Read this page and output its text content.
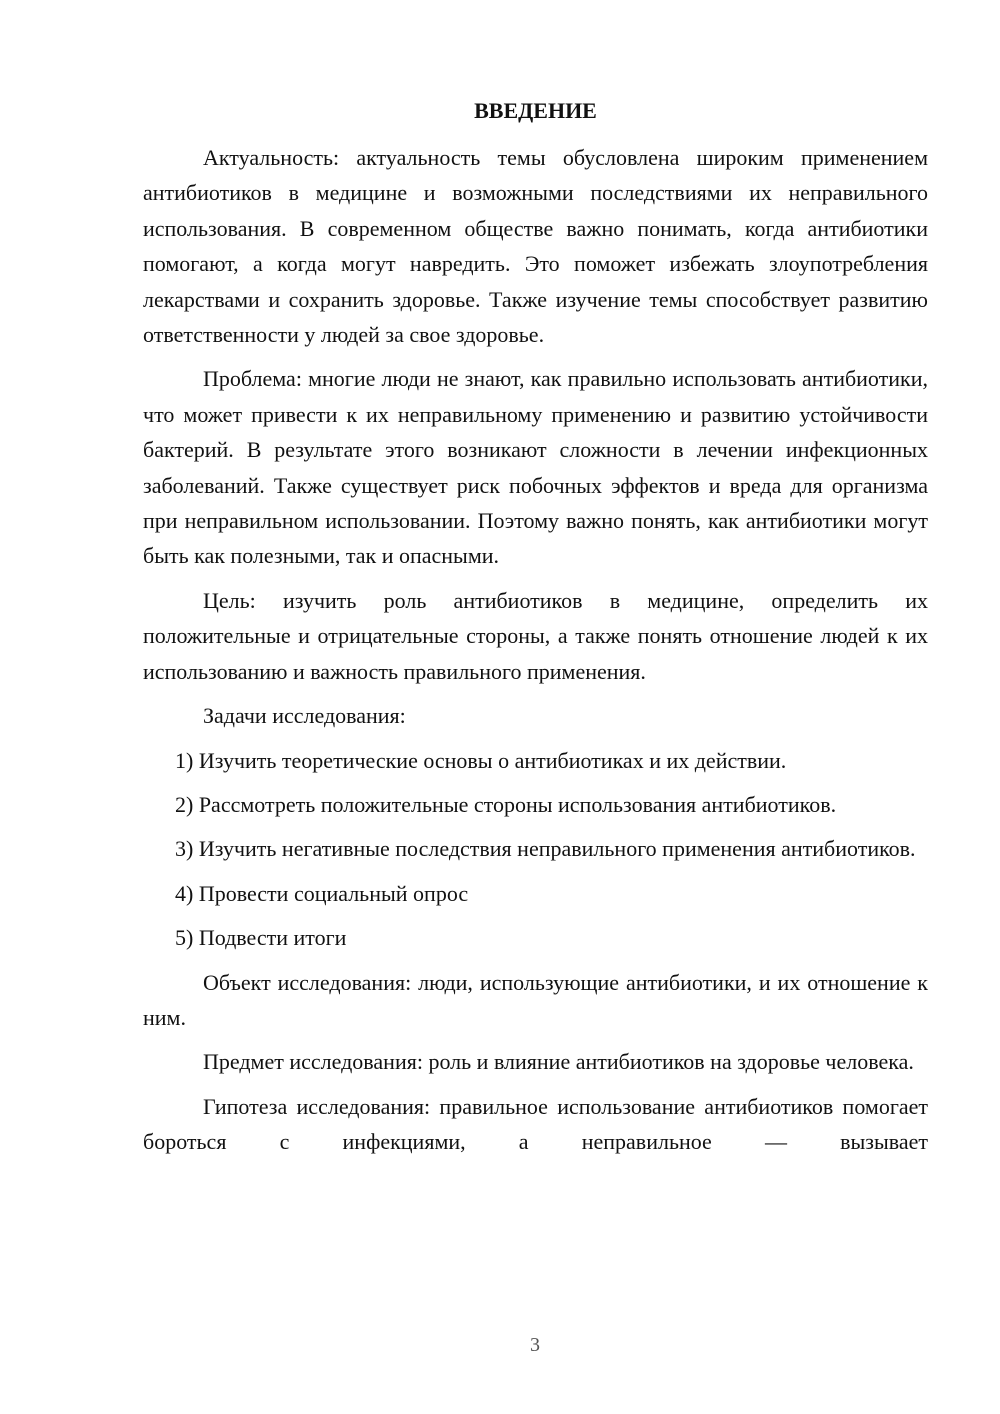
ВВЕДЕНИЕ

Актуальность: актуальность темы обусловлена широким применением антибиотиков в медицине и возможными последствиями их неправильного использования. В современном обществе важно понимать, когда антибиотики помогают, а когда могут навредить. Это поможет избежать злоупотребления лекарствами и сохранить здоровье. Также изучение темы способствует развитию ответственности у людей за свое здоровье.

Проблема: многие люди не знают, как правильно использовать антибиотики, что может привести к их неправильному применению и развитию устойчивости бактерий. В результате этого возникают сложности в лечении инфекционных заболеваний. Также существует риск побочных эффектов и вреда для организма при неправильном использовании. Поэтому важно понять, как антибиотики могут быть как полезными, так и опасными.

Цель: изучить роль антибиотиков в медицине, определить их положительные и отрицательные стороны, а также понять отношение людей к их использованию и важность правильного применения.

Задачи исследования:

1) Изучить теоретические основы о антибиотиках и их действии.

2) Рассмотреть положительные стороны использования антибиотиков.

3) Изучить негативные последствия неправильного применения антибиотиков.

4) Провести социальный опрос

5) Подвести итоги

Объект исследования: люди, использующие антибиотики, и их отношение к ним.

Предмет исследования: роль и влияние антибиотиков на здоровье человека.

Гипотеза исследования: правильное использование антибиотиков помогает бороться с инфекциями, а неправильное — вызывает

3
